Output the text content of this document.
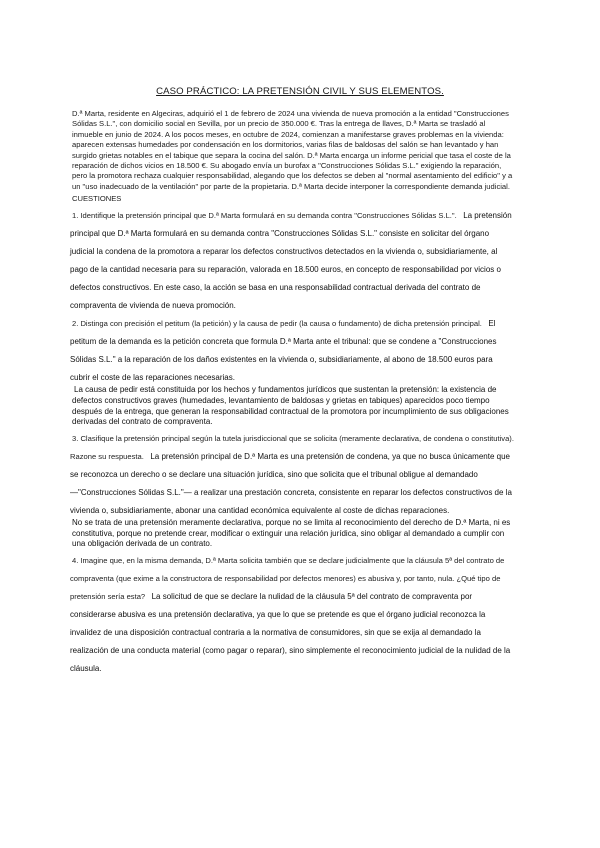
CASO PRÁCTICO: LA PRETENSIÓN CIVIL Y SUS ELEMENTOS.
D.ª Marta, residente en Algeciras, adquirió el 1 de febrero de 2024 una vivienda de nueva promoción a la entidad "Construcciones Sólidas S.L.", con domicilio social en Sevilla, por un precio de 350.000 €. Tras la entrega de llaves, D.ª Marta se trasladó al inmueble en junio de 2024. A los pocos meses, en octubre de 2024, comienzan a manifestarse graves problemas en la vivienda: aparecen extensas humedades por condensación en los dormitorios, varias filas de baldosas del salón se han levantado y han surgido grietas notables en el tabique que separa la cocina del salón. D.ª Marta encarga un informe pericial que tasa el coste de la reparación de dichos vicios en 18.500 €. Su abogado envía un burofax a "Construcciones Sólidas S.L." exigiendo la reparación, pero la promotora rechaza cualquier responsabilidad, alegando que los defectos se deben al "normal asentamiento del edificio" y a un "uso inadecuado de la ventilación" por parte de la propietaria. D.ª Marta decide interponer la correspondiente demanda judicial.
CUESTIONES
1. Identifique la pretensión principal que D.ª Marta formulará en su demanda contra "Construcciones Sólidas S.L.". La pretensión principal que D.ª Marta formulará en su demanda contra "Construcciones Sólidas S.L." consiste en solicitar del órgano judicial la condena de la promotora a reparar los defectos constructivos detectados en la vivienda o, subsidiariamente, al pago de la cantidad necesaria para su reparación, valorada en 18.500 euros, en concepto de responsabilidad por vicios o defectos constructivos. En este caso, la acción se basa en una responsabilidad contractual derivada del contrato de compraventa de vivienda de nueva promoción.
2. Distinga con precisión el petitum (la petición) y la causa de pedir (la causa o fundamento) de dicha pretensión principal. El petitum de la demanda es la petición concreta que formula D.ª Marta ante el tribunal: que se condene a "Construcciones Sólidas S.L." a la reparación de los daños existentes en la vivienda o, subsidiariamente, al abono de 18.500 euros para cubrir el coste de las reparaciones necesarias.
La causa de pedir está constituida por los hechos y fundamentos jurídicos que sustentan la pretensión: la existencia de defectos constructivos graves (humedades, levantamiento de baldosas y grietas en tabiques) aparecidos poco tiempo después de la entrega, que generan la responsabilidad contractual de la promotora por incumplimiento de sus obligaciones derivadas del contrato de compraventa.
3. Clasifique la pretensión principal según la tutela jurisdiccional que se solicita (meramente declarativa, de condena o constitutiva). Razone su respuesta. La pretensión principal de D.ª Marta es una pretensión de condena, ya que no busca únicamente que se reconozca un derecho o se declare una situación jurídica, sino que solicita que el tribunal obligue al demandado —"Construcciones Sólidas S.L."— a realizar una prestación concreta, consistente en reparar los defectos constructivos de la vivienda o, subsidiariamente, abonar una cantidad económica equivalente al coste de dichas reparaciones.
No se trata de una pretensión meramente declarativa, porque no se limita al reconocimiento del derecho de D.ª Marta, ni es constitutiva, porque no pretende crear, modificar o extinguir una relación jurídica, sino obligar al demandado a cumplir con una obligación derivada de un contrato.
4. Imagine que, en la misma demanda, D.ª Marta solicita también que se declare judicialmente que la cláusula 5ª del contrato de compraventa (que exime a la constructora de responsabilidad por defectos menores) es abusiva y, por tanto, nula. ¿Qué tipo de pretensión sería esta? La solicitud de que se declare la nulidad de la cláusula 5ª del contrato de compraventa por considerarse abusiva es una pretensión declarativa, ya que lo que se pretende es que el órgano judicial reconozca la invalidez de una disposición contractual contraria a la normativa de consumidores, sin que se exija al demandado la realización de una conducta material (como pagar o reparar), sino simplemente el reconocimiento judicial de la nulidad de la cláusula.
